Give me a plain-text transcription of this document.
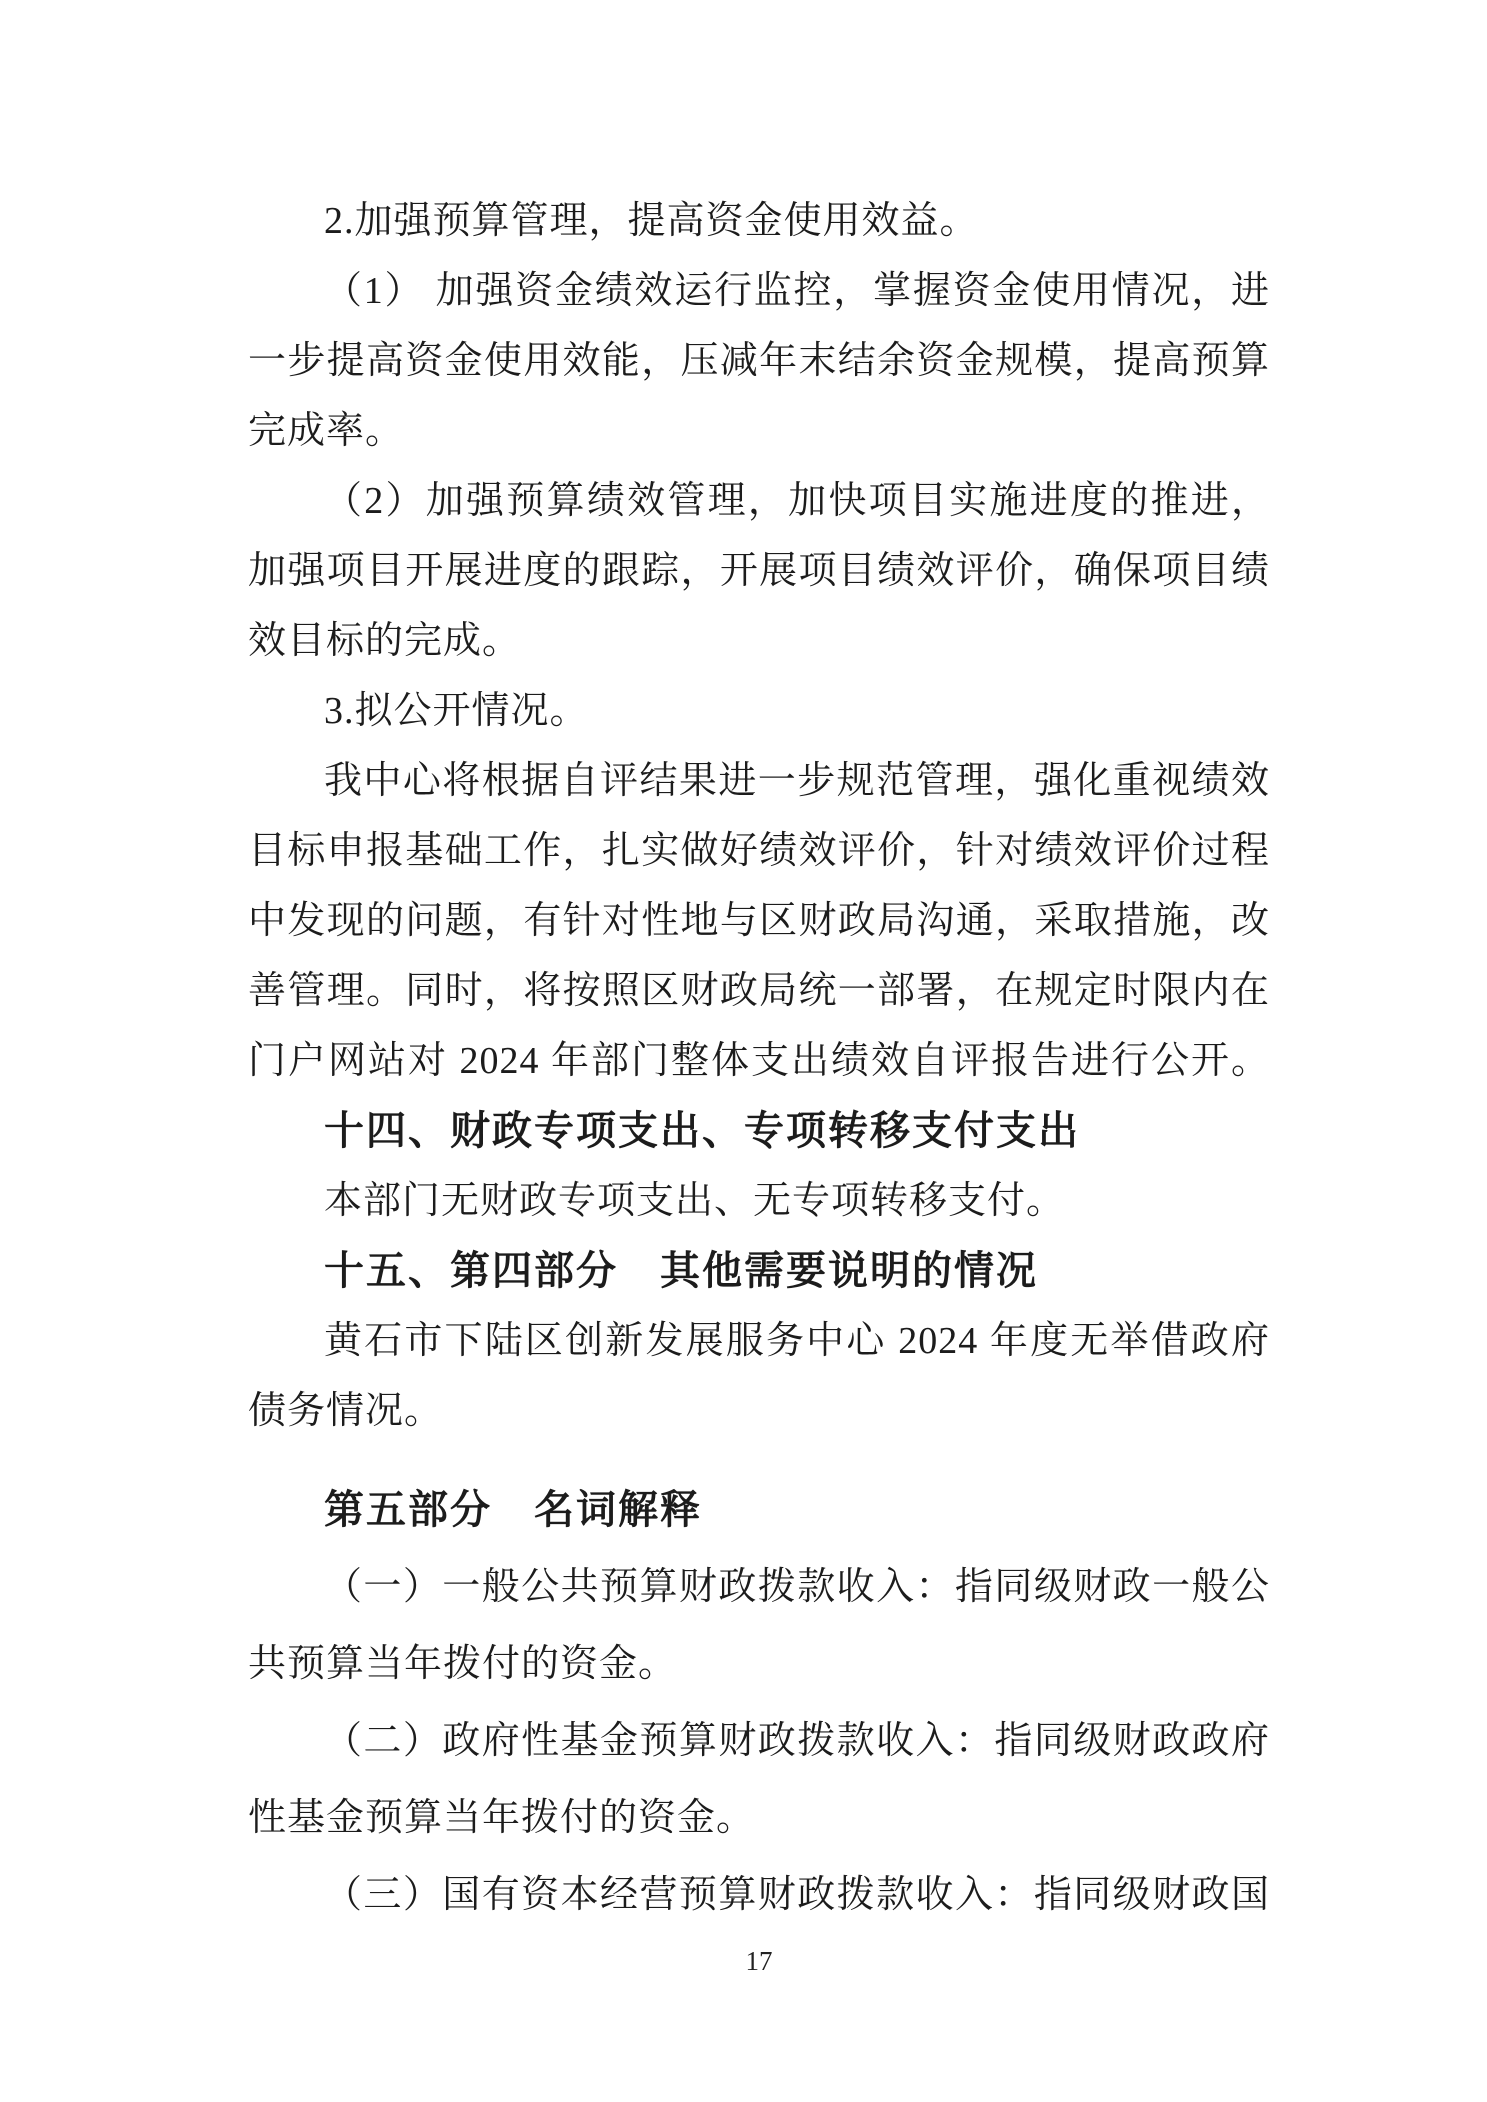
2.加强预算管理，提高资金使用效益。
（1） 加强资金绩效运行监控，掌握资金使用情况，进
一步提高资金使用效能，压减年末结余资金规模，提高预算
完成率。
（2）加强预算绩效管理，加快项目实施进度的推进，
加强项目开展进度的跟踪，开展项目绩效评价，确保项目绩
效目标的完成。
3.拟公开情况。
我中心将根据自评结果进一步规范管理，强化重视绩效
目标申报基础工作，扎实做好绩效评价，针对绩效评价过程
中发现的问题，有针对性地与区财政局沟通，采取措施，改
善管理。同时，将按照区财政局统一部署，在规定时限内在
门户网站对 2024 年部门整体支出绩效自评报告进行公开。
十四、财政专项支出、专项转移支付支出
本部门无财政专项支出、无专项转移支付。
十五、第四部分　其他需要说明的情况
黄石市下陆区创新发展服务中心 2024 年度无举借政府
债务情况。
第五部分　名词解释
（一）一般公共预算财政拨款收入：指同级财政一般公
共预算当年拨付的资金。
（二）政府性基金预算财政拨款收入：指同级财政政府
性基金预算当年拨付的资金。
（三）国有资本经营预算财政拨款收入：指同级财政国
17
